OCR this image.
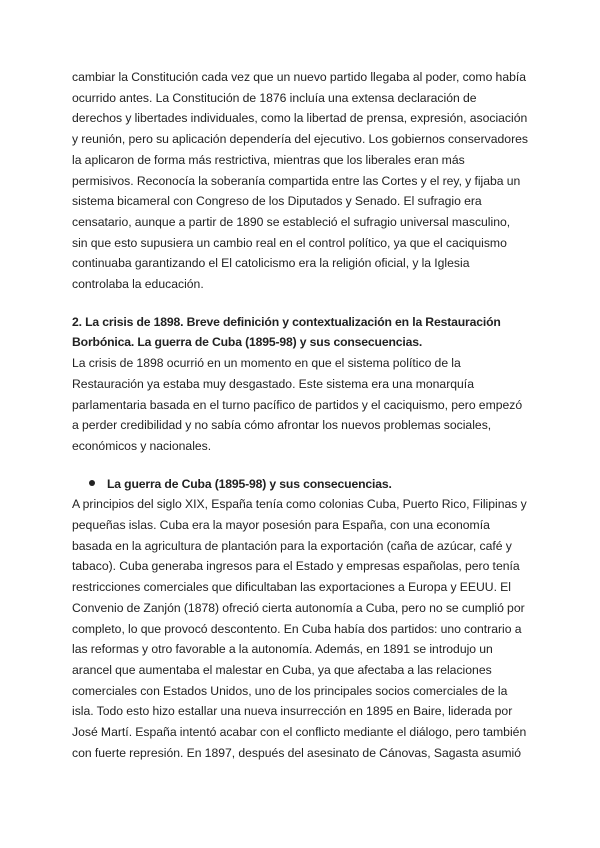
cambiar la Constitución cada vez que un nuevo partido llegaba al poder, como había ocurrido antes. La Constitución de 1876 incluía una extensa declaración de derechos y libertades individuales, como la libertad de prensa, expresión, asociación y reunión, pero su aplicación dependería del ejecutivo. Los gobiernos conservadores la aplicaron de forma más restrictiva, mientras que los liberales eran más permisivos. Reconocía la soberanía compartida entre las Cortes y el rey, y fijaba un sistema bicameral con Congreso de los Diputados y Senado. El sufragio era censatario, aunque a partir de 1890 se estableció el sufragio universal masculino, sin que esto supusiera un cambio real en el control político, ya que el caciquismo continuaba garantizando el El catolicismo era la religión oficial, y la Iglesia controlaba la educación.

2. La crisis de 1898. Breve definición y contextualización en la Restauración Borbónica. La guerra de Cuba (1895-98) y sus consecuencias.

La crisis de 1898 ocurrió en un momento en que el sistema político de la Restauración ya estaba muy desgastado. Este sistema era una monarquía parlamentaria basada en el turno pacífico de partidos y el caciquismo, pero empezó a perder credibilidad y no sabía cómo afrontar los nuevos problemas sociales, económicos y nacionales.

La guerra de Cuba (1895-98) y sus consecuencias.

A principios del siglo XIX, España tenía como colonias Cuba, Puerto Rico, Filipinas y pequeñas islas. Cuba era la mayor posesión para España, con una economía basada en la agricultura de plantación para la exportación (caña de azúcar, café y tabaco). Cuba generaba ingresos para el Estado y empresas españolas, pero tenía restricciones comerciales que dificultaban las exportaciones a Europa y EEUU. El Convenio de Zanjón (1878) ofreció cierta autonomía a Cuba, pero no se cumplió por completo, lo que provocó descontento. En Cuba había dos partidos: uno contrario a las reformas y otro favorable a la autonomía. Además, en 1891 se introdujo un arancel que aumentaba el malestar en Cuba, ya que afectaba a las relaciones comerciales con Estados Unidos, uno de los principales socios comerciales de la isla. Todo esto hizo estallar una nueva insurrección en 1895 en Baire, liderada por José Martí. España intentó acabar con el conflicto mediante el diálogo, pero también con fuerte represión. En 1897, después del asesinato de Cánovas, Sagasta asumió
